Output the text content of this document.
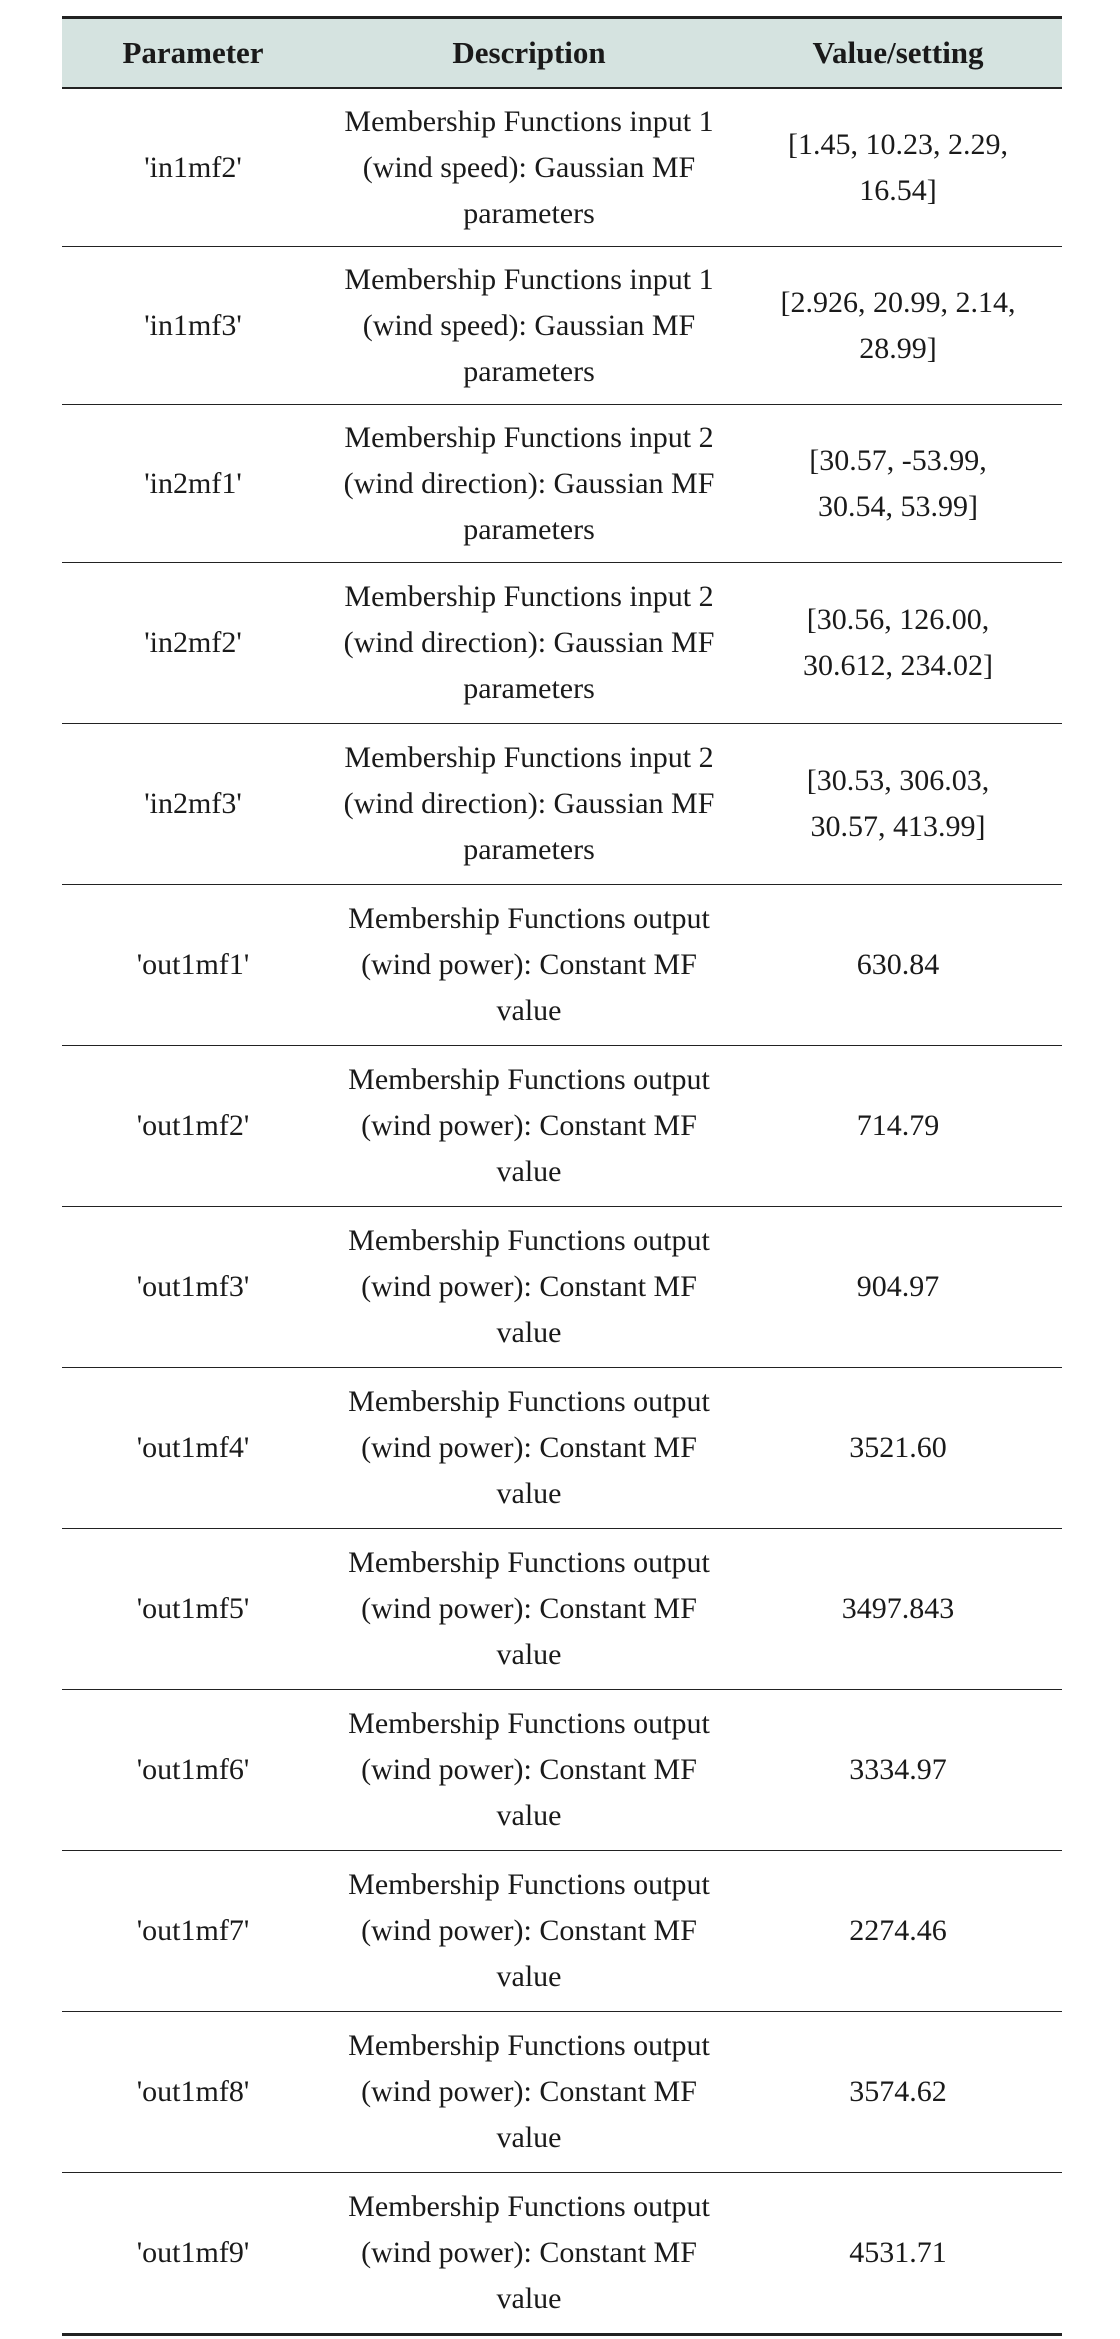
Parameter	Description	Value/setting
'in1mf2'	Membership Functions input 1 (wind speed): Gaussian MF parameters	[1.45, 10.23, 2.29, 16.54]
'in1mf3'	Membership Functions input 1 (wind speed): Gaussian MF parameters	[2.926, 20.99, 2.14, 28.99]
'in2mf1'	Membership Functions input 2 (wind direction): Gaussian MF parameters	[30.57, -53.99, 30.54, 53.99]
'in2mf2'	Membership Functions input 2 (wind direction): Gaussian MF parameters	[30.56, 126.00, 30.612, 234.02]
'in2mf3'	Membership Functions input 2 (wind direction): Gaussian MF parameters	[30.53, 306.03, 30.57, 413.99]
'out1mf1'	Membership Functions output (wind power): Constant MF value	630.84
'out1mf2'	Membership Functions output (wind power): Constant MF value	714.79
'out1mf3'	Membership Functions output (wind power): Constant MF value	904.97
'out1mf4'	Membership Functions output (wind power): Constant MF value	3521.60
'out1mf5'	Membership Functions output (wind power): Constant MF value	3497.843
'out1mf6'	Membership Functions output (wind power): Constant MF value	3334.97
'out1mf7'	Membership Functions output (wind power): Constant MF value	2274.46
'out1mf8'	Membership Functions output (wind power): Constant MF value	3574.62
'out1mf9'	Membership Functions output (wind power): Constant MF value	4531.71
